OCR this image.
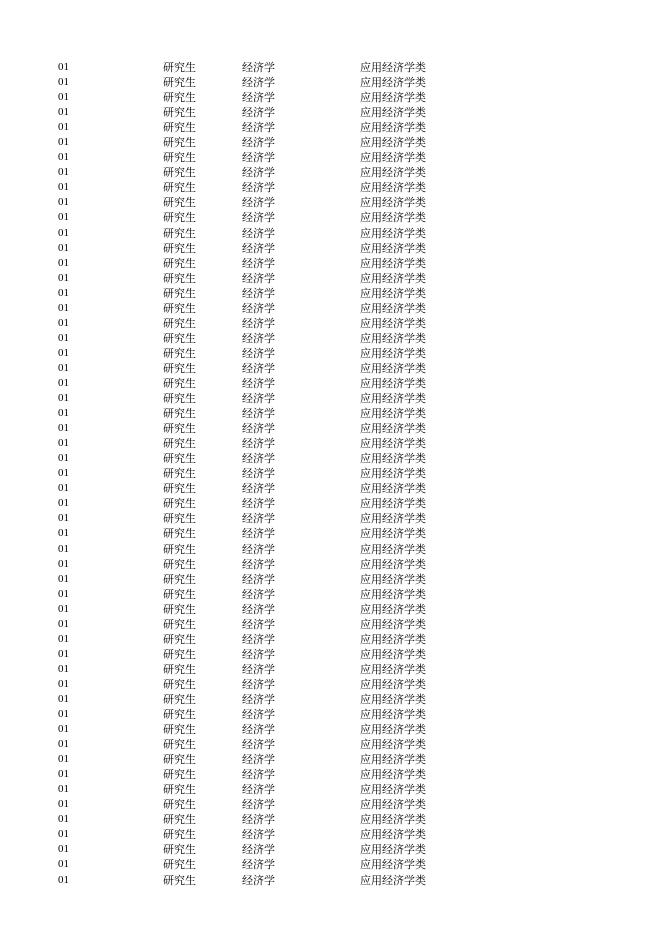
01	研究生	经济学	应用经济学类
01	研究生	经济学	应用经济学类
01	研究生	经济学	应用经济学类
01	研究生	经济学	应用经济学类
01	研究生	经济学	应用经济学类
01	研究生	经济学	应用经济学类
01	研究生	经济学	应用经济学类
01	研究生	经济学	应用经济学类
01	研究生	经济学	应用经济学类
01	研究生	经济学	应用经济学类
01	研究生	经济学	应用经济学类
01	研究生	经济学	应用经济学类
01	研究生	经济学	应用经济学类
01	研究生	经济学	应用经济学类
01	研究生	经济学	应用经济学类
01	研究生	经济学	应用经济学类
01	研究生	经济学	应用经济学类
01	研究生	经济学	应用经济学类
01	研究生	经济学	应用经济学类
01	研究生	经济学	应用经济学类
01	研究生	经济学	应用经济学类
01	研究生	经济学	应用经济学类
01	研究生	经济学	应用经济学类
01	研究生	经济学	应用经济学类
01	研究生	经济学	应用经济学类
01	研究生	经济学	应用经济学类
01	研究生	经济学	应用经济学类
01	研究生	经济学	应用经济学类
01	研究生	经济学	应用经济学类
01	研究生	经济学	应用经济学类
01	研究生	经济学	应用经济学类
01	研究生	经济学	应用经济学类
01	研究生	经济学	应用经济学类
01	研究生	经济学	应用经济学类
01	研究生	经济学	应用经济学类
01	研究生	经济学	应用经济学类
01	研究生	经济学	应用经济学类
01	研究生	经济学	应用经济学类
01	研究生	经济学	应用经济学类
01	研究生	经济学	应用经济学类
01	研究生	经济学	应用经济学类
01	研究生	经济学	应用经济学类
01	研究生	经济学	应用经济学类
01	研究生	经济学	应用经济学类
01	研究生	经济学	应用经济学类
01	研究生	经济学	应用经济学类
01	研究生	经济学	应用经济学类
01	研究生	经济学	应用经济学类
01	研究生	经济学	应用经济学类
01	研究生	经济学	应用经济学类
01	研究生	经济学	应用经济学类
01	研究生	经济学	应用经济学类
01	研究生	经济学	应用经济学类
01	研究生	经济学	应用经济学类
01	研究生	经济学	应用经济学类
